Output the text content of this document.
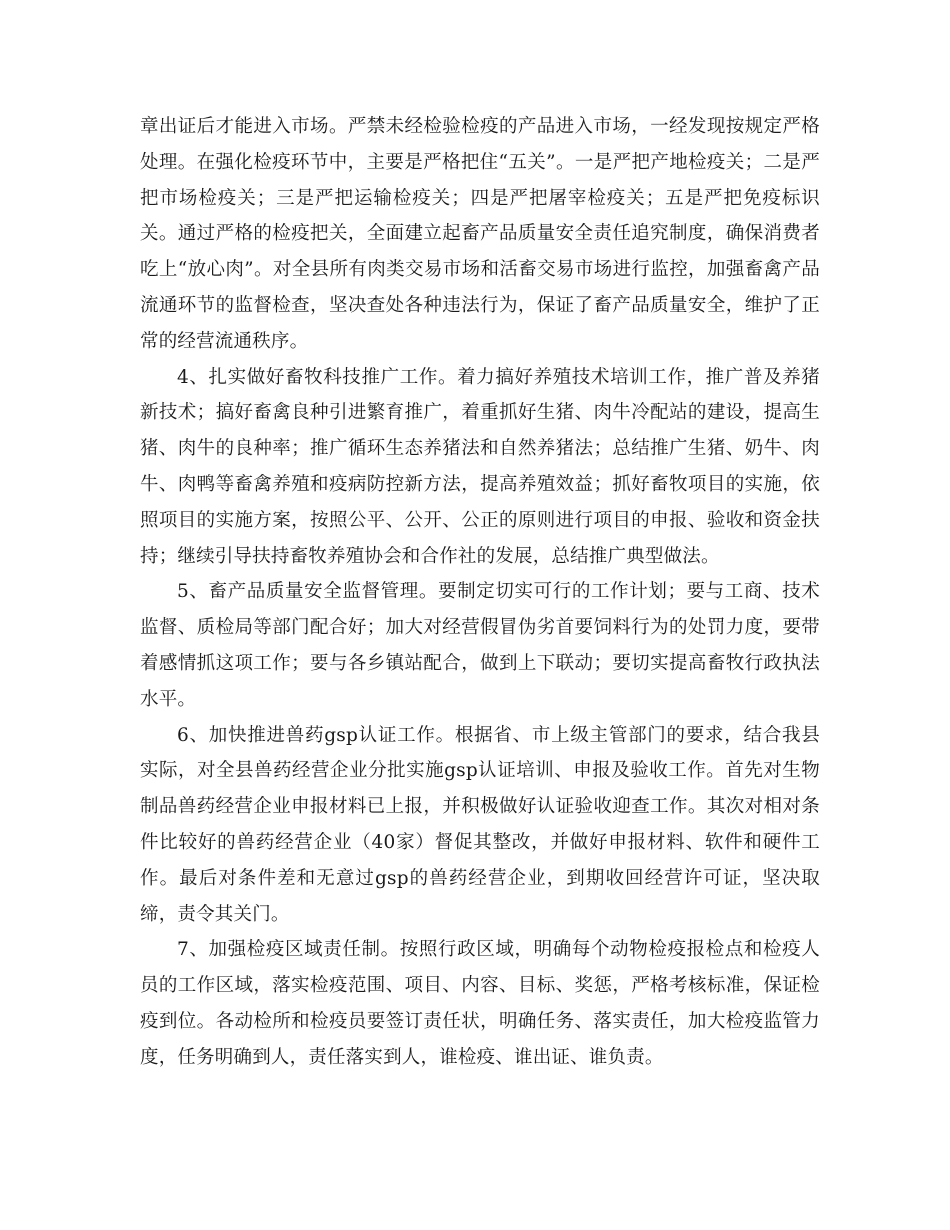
章出证后才能进入市场。严禁未经检验检疫的产品进入市场，一经发现按规定严格处理。在强化检疫环节中，主要是严格把住“五关”。一是严把产地检疫关；二是严把市场检疫关；三是严把运输检疫关；四是严把屠宰检疫关；五是严把免疫标识关。通过严格的检疫把关，全面建立起畜产品质量安全责任追究制度，确保消费者吃上“放心肉”。对全县所有肉类交易市场和活畜交易市场进行监控，加强畜禽产品流通环节的监督检查，坚决查处各种违法行为，保证了畜产品质量安全，维护了正常的经营流通秩序。

4、扎实做好畜牧科技推广工作。着力搞好养殖技术培训工作，推广普及养猪新技术；搞好畜禽良种引进繁育推广，着重抓好生猪、肉牛冷配站的建设，提高生猪、肉牛的良种率；推广循环生态养猪法和自然养猪法；总结推广生猪、奶牛、肉牛、肉鸭等畜禽养殖和疫病防控新方法，提高养殖效益；抓好畜牧项目的实施，依照项目的实施方案，按照公平、公开、公正的原则进行项目的申报、验收和资金扶持；继续引导扶持畜牧养殖协会和合作社的发展，总结推广典型做法。

5、畜产品质量安全监督管理。要制定切实可行的工作计划；要与工商、技术监督、质检局等部门配合好；加大对经营假冒伪劣首要饲料行为的处罚力度，要带着感情抓这项工作；要与各乡镇站配合，做到上下联动；要切实提高畜牧行政执法水平。

6、加快推进兽药gsp认证工作。根据省、市上级主管部门的要求，结合我县实际，对全县兽药经营企业分批实施gsp认证培训、申报及验收工作。首先对生物制品兽药经营企业申报材料已上报，并积极做好认证验收迎查工作。其次对相对条件比较好的兽药经营企业（40家）督促其整改，并做好申报材料、软件和硬件工作。最后对条件差和无意过gsp的兽药经营企业，到期收回经营许可证，坚决取缔，责令其关门。

7、加强检疫区域责任制。按照行政区域，明确每个动物检疫报检点和检疫人员的工作区域，落实检疫范围、项目、内容、目标、奖惩，严格考核标准，保证检疫到位。各动检所和检疫员要签订责任状，明确任务、落实责任，加大检疫监管力度，任务明确到人，责任落实到人，谁检疫、谁出证、谁负责。
